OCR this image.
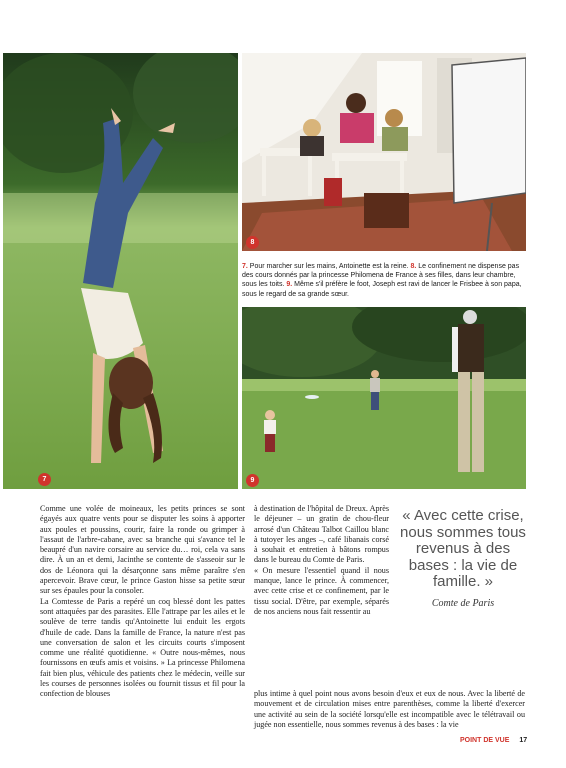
7
8
7. Pour marcher sur les mains, Antoinette est la reine. 8. Le confinement ne dispense pas des cours donnés par la princesse Philomena de France à ses filles, dans leur chambre, sous les toits. 9. Même s'il préfère le foot, Joseph est ravi de lancer le Frisbee à son papa, sous le regard de sa grande sœur.
9

Comme une volée de moineaux, les petits princes se sont égayés aux quatre vents pour se disputer les soins à apporter aux poules et poussins, courir, faire la ronde ou grimper à l'assaut de l'arbre-cabane, avec sa branche qui s'avance tel le beaupré d'un navire corsaire au service du… roi, cela va sans dire. À un an et demi, Jacinthe se contente de s'asseoir sur le dos de Léonora qui la désarçonne sans même paraître s'en apercevoir. Brave cœur, le prince Gaston hisse sa petite sœur sur ses épaules pour la consoler.

La Comtesse de Paris a repéré un coq blessé dont les pattes sont attaquées par des parasites. Elle l'attrape par les ailes et le soulève de terre tandis qu'Antoinette lui enduit les ergots d'huile de cade. Dans la famille de France, la nature n'est pas une conversation de salon et les circuits courts s'imposent comme une réalité quotidienne. « Outre nous-mêmes, nous fournissons en œufs amis et voisins. » La princesse Philomena fait bien plus, véhicule des patients chez le médecin, veille sur les courses de personnes isolées ou fournit tissus et fil pour la confection de blouses

à destination de l'hôpital de Dreux. Après le déjeuner – un gratin de chou-fleur arrosé d'un Château Talbot Caillou blanc à tutoyer les anges –, café libanais corsé à souhait et entretien à bâtons rompus dans le bureau du Comte de Paris.

« On mesure l'essentiel quand il nous manque, lance le prince. À commencer, avec cette crise et ce confinement, par le tissu social. D'être, par exemple, séparés de nos anciens nous fait ressentir au

plus intime à quel point nous avons besoin d'eux et eux de nous. Avec la liberté de mouvement et de circulation mises entre parenthèses, comme la liberté d'exercer une activité au sein de la société lorsqu'elle est incompatible avec le télétravail ou jugée non essentielle, nous sommes revenus à des bases : la vie

« Avec cette crise, nous sommes tous revenus à des bases : la vie de famille. »
Comte de Paris
POINT DE VUE 17
